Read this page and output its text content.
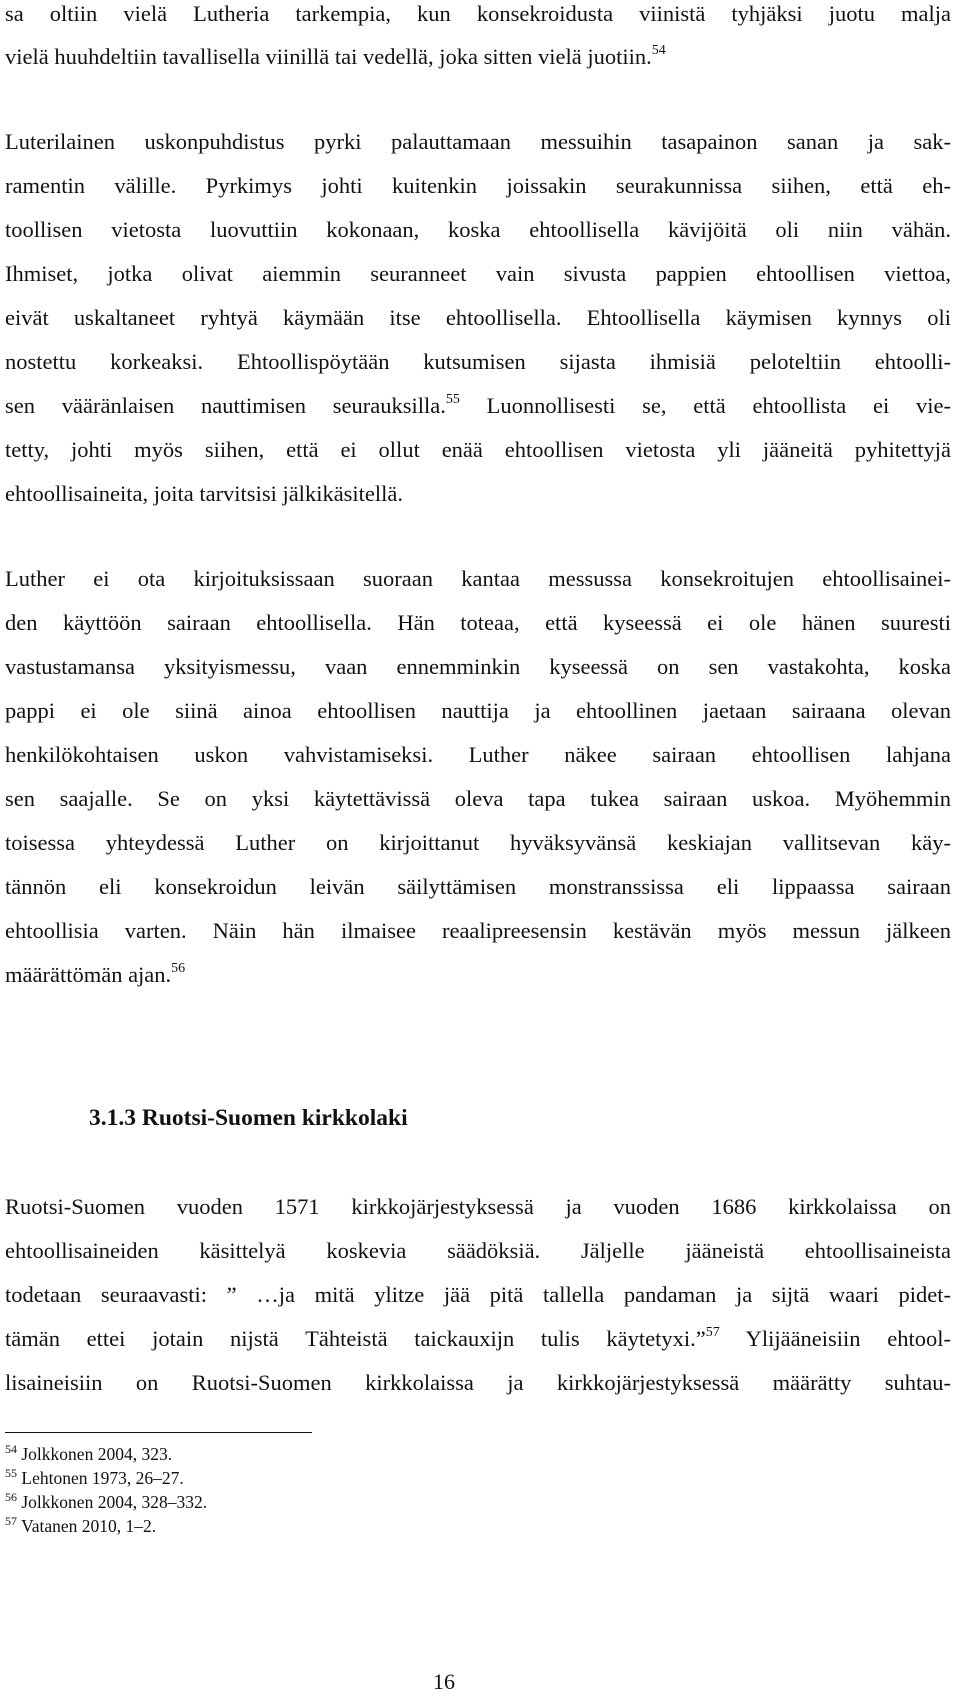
sa oltiin vielä Lutheria tarkempia, kun konsekroidusta viinistä tyhjäksi juotu malja
vielä huuhdeltiin tavallisella viinillä tai vedellä, joka sitten vielä juotiin.$^{54}$
Luterilainen uskonpuhdistus pyrki palauttamaan messuihin tasapainon sanan ja sak-
ramentin välille. Pyrkimys johti kuitenkin joissakin seurakunnissa siihen, että eh-
toollisen vietosta luovuttiin kokonaan, koska ehtoollisella kävijöitä oli niin vähän.
Ihmiset, jotka olivat aiemmin seuranneet vain sivusta pappien ehtoollisen viettoa,
eivät uskaltaneet ryhtyä käymään itse ehtoollisella. Ehtoollisella käymisen kynnys oli
nostettu korkeaksi. Ehtoollispöytään kutsumisen sijasta ihmisiä peloteltiin ehtoolli-
sen vääränlaisen nauttimisen seurauksilla.$^{55}$ Luonnollisesti se, että ehtoollista ei vie-
tetty, johti myös siihen, että ei ollut enää ehtoollisen vietosta yli jääneitä pyhitettyjä
ehtoollisaineita, joita tarvitsisi jälkikäsitellä.
Luther ei ota kirjoituksissaan suoraan kantaa messussa konsekroitujen ehtoollisainei-
den käyttöön sairaan ehtoollisella. Hän toteaa, että kyseessä ei ole hänen suuresti
vastustamansa yksityismessu, vaan ennemminkin kyseessä on sen vastakohta, koska
pappi ei ole siinä ainoa ehtoollisen nauttija ja ehtoollinen jaetaan sairaana olevan
henkilökohtaisen uskon vahvistamiseksi. Luther näkee sairaan ehtoollisen lahjana
sen saajalle. Se on yksi käytettävissä oleva tapa tukea sairaan uskoa. Myöhemmin
toisessa yhteydessä Luther on kirjoittanut hyväksyvänsä keskiajan vallitsevan käy-
tännön eli konsekroidun leivän säilyttämisen monstranssissa eli lippaassa sairaan
ehtoollisia varten. Näin hän ilmaisee reaalipreesensin kestävän myös messun jälkeen
määrättömän ajan.$^{56}$
3.1.3 Ruotsi-Suomen kirkkolaki
Ruotsi-Suomen vuoden 1571 kirkkojärjestyksessä ja vuoden 1686 kirkkolaissa on
ehtoollisaineiden käsittelyä koskevia säädöksiä. Jäljelle jääneistä ehtoollisaineista
todetaan seuraavasti: ” …ja mitä ylitze jää pitä tallella pandaman ja sijtä waari pidet-
tämän ettei jotain nijstä Tähteistä taickauxijn tulis käytetyxi.”$^{57}$ Ylijääneisiin ehtool-
lisaineisiin on Ruotsi-Suomen kirkkolaissa ja kirkkojärjestyksessä määrätty suhtau-
$^{54}$ Jolkkonen 2004, 323.
$^{55}$ Lehtonen 1973, 26–27.
$^{56}$ Jolkkonen 2004, 328–332.
$^{57}$ Vatanen 2010, 1–2.
16
